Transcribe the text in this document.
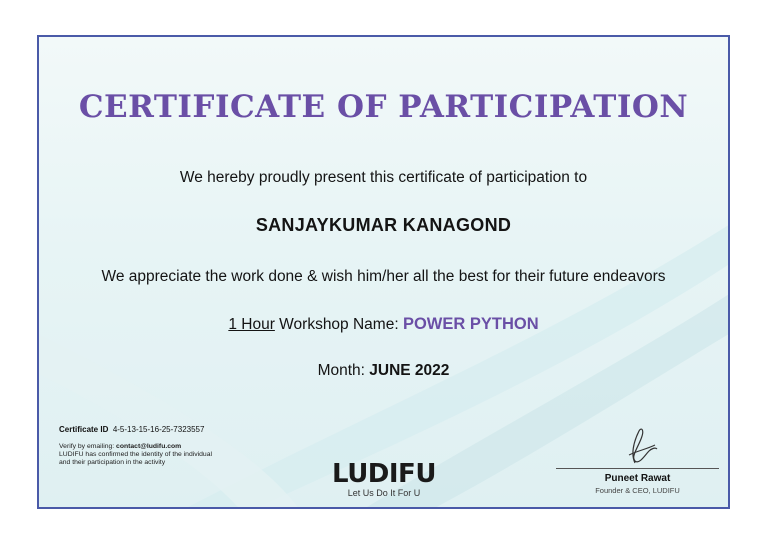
CERTIFICATE OF PARTICIPATION
We hereby proudly present this certificate of participation to
SANJAYKUMAR KANAGOND
We appreciate the work done & wish him/her all the best for their future endeavors
1 Hour Workshop Name: POWER PYTHON
Month: JUNE 2022
Certificate ID 4-5-13-15-16-25-7323557
Verify by emailing: contact@ludifu.com
LUDIFU has confirmed the identity of the individual and their participation in the activity	LUDIFU
Let Us Do It For U
Puneet Rawat
Founder & CEO, LUDIFU
